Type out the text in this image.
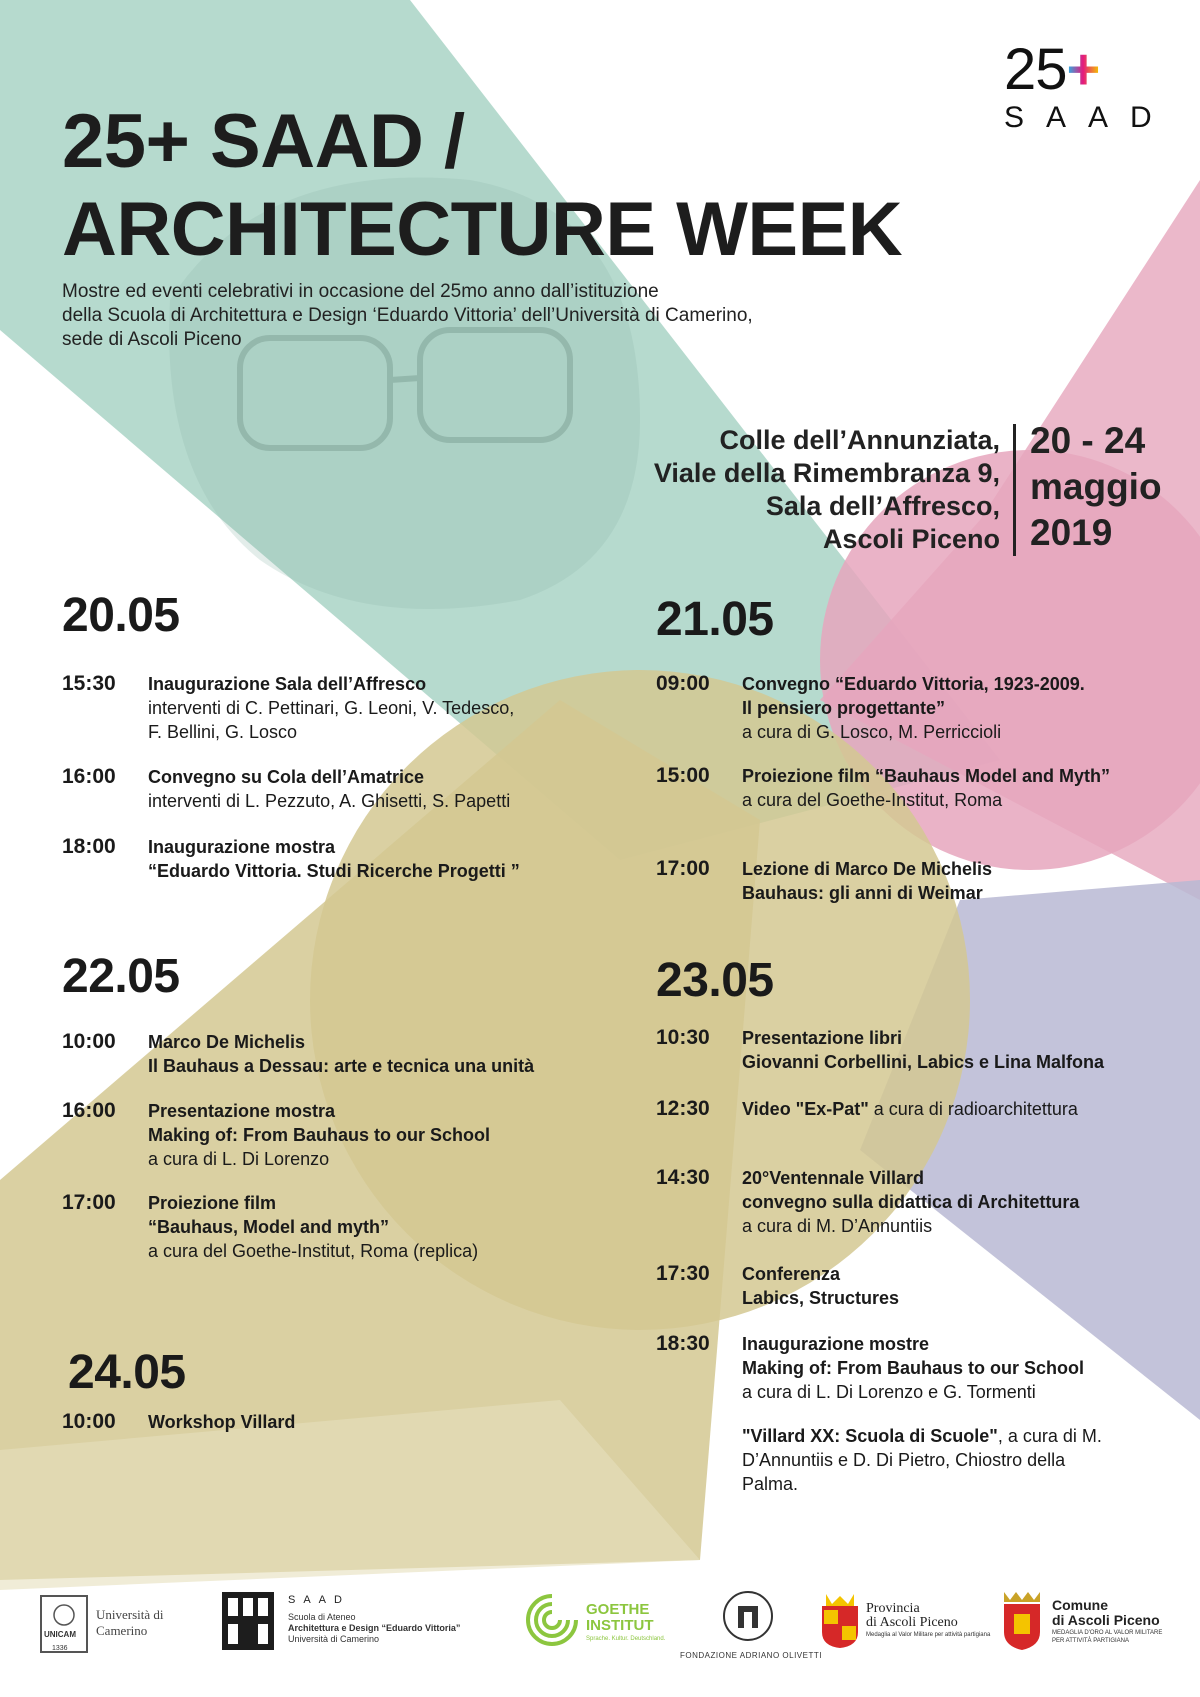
25+
SAAD
25+ SAAD /
ARCHITECTURE WEEK
Mostre ed eventi celebrativi in occasione del 25mo anno dall’istituzione
della Scuola di Architettura e Design ‘Eduardo Vittoria’ dell’Università di Camerino,
sede di Ascoli Piceno
Colle dell’Annunziata,
Viale della Rimembranza 9,
Sala dell’Affresco,
Ascoli Piceno
20 - 24
maggio
2019
20.05
15:30 Inaugurazione Sala dell’Affresco
interventi di C. Pettinari, G. Leoni, V. Tedesco,
F. Bellini, G. Losco
16:00 Convegno su Cola dell’Amatrice
interventi di L. Pezzuto, A. Ghisetti, S. Papetti
18:00 Inaugurazione mostra
“Eduardo Vittoria. Studi Ricerche Progetti ”
21.05
09:00 Convegno “Eduardo Vittoria, 1923-2009.
Il pensiero progettante”
a cura di G. Losco, M. Perriccioli
15:00 Proiezione film “Bauhaus Model and Myth”
a cura del Goethe-Institut, Roma
17:00 Lezione di Marco De Michelis
Bauhaus: gli anni di Weimar
22.05
10:00 Marco De Michelis
Il Bauhaus a Dessau: arte e tecnica una unità
16:00 Presentazione mostra
Making of: From Bauhaus to our School
a cura di L. Di Lorenzo
17:00 Proiezione film
“Bauhaus, Model and myth”
a cura del Goethe-Institut, Roma (replica)
23.05
10:30 Presentazione libri
Giovanni Corbellini, Labics e Lina Malfona
12:30 Video "Ex-Pat" a cura di radioarchitettura
14:30 20°Ventennale Villard
convegno sulla didattica di Architettura
a cura di M. D’Annuntiis
17:30 Conferenza
Labics, Structures
18:30 Inaugurazione mostre
Making of: From Bauhaus to our School
a cura di L. Di Lorenzo e G. Tormenti
"Villard XX: Scuola di Scuole", a cura di M.
D’Annuntiis e D. Di Pietro, Chiostro della
Palma.
24.05
10:00 Workshop Villard
UNICAM
1336
Università di Camerino
SAAD
Scuola di Ateneo
Architettura e Design “Eduardo Vittoria”
Università di Camerino
GOETHE
INSTITUT
Sprache. Kultur. Deutschland.
FONDAZIONE ADRIANO OLIVETTI
Provincia
di Ascoli Piceno
Medaglia al Valor Militare per attività partigiana
Comune
di Ascoli Piceno
MEDAGLIA D'ORO AL VALOR MILITARE
PER ATTIVITÀ PARTIGIANA
